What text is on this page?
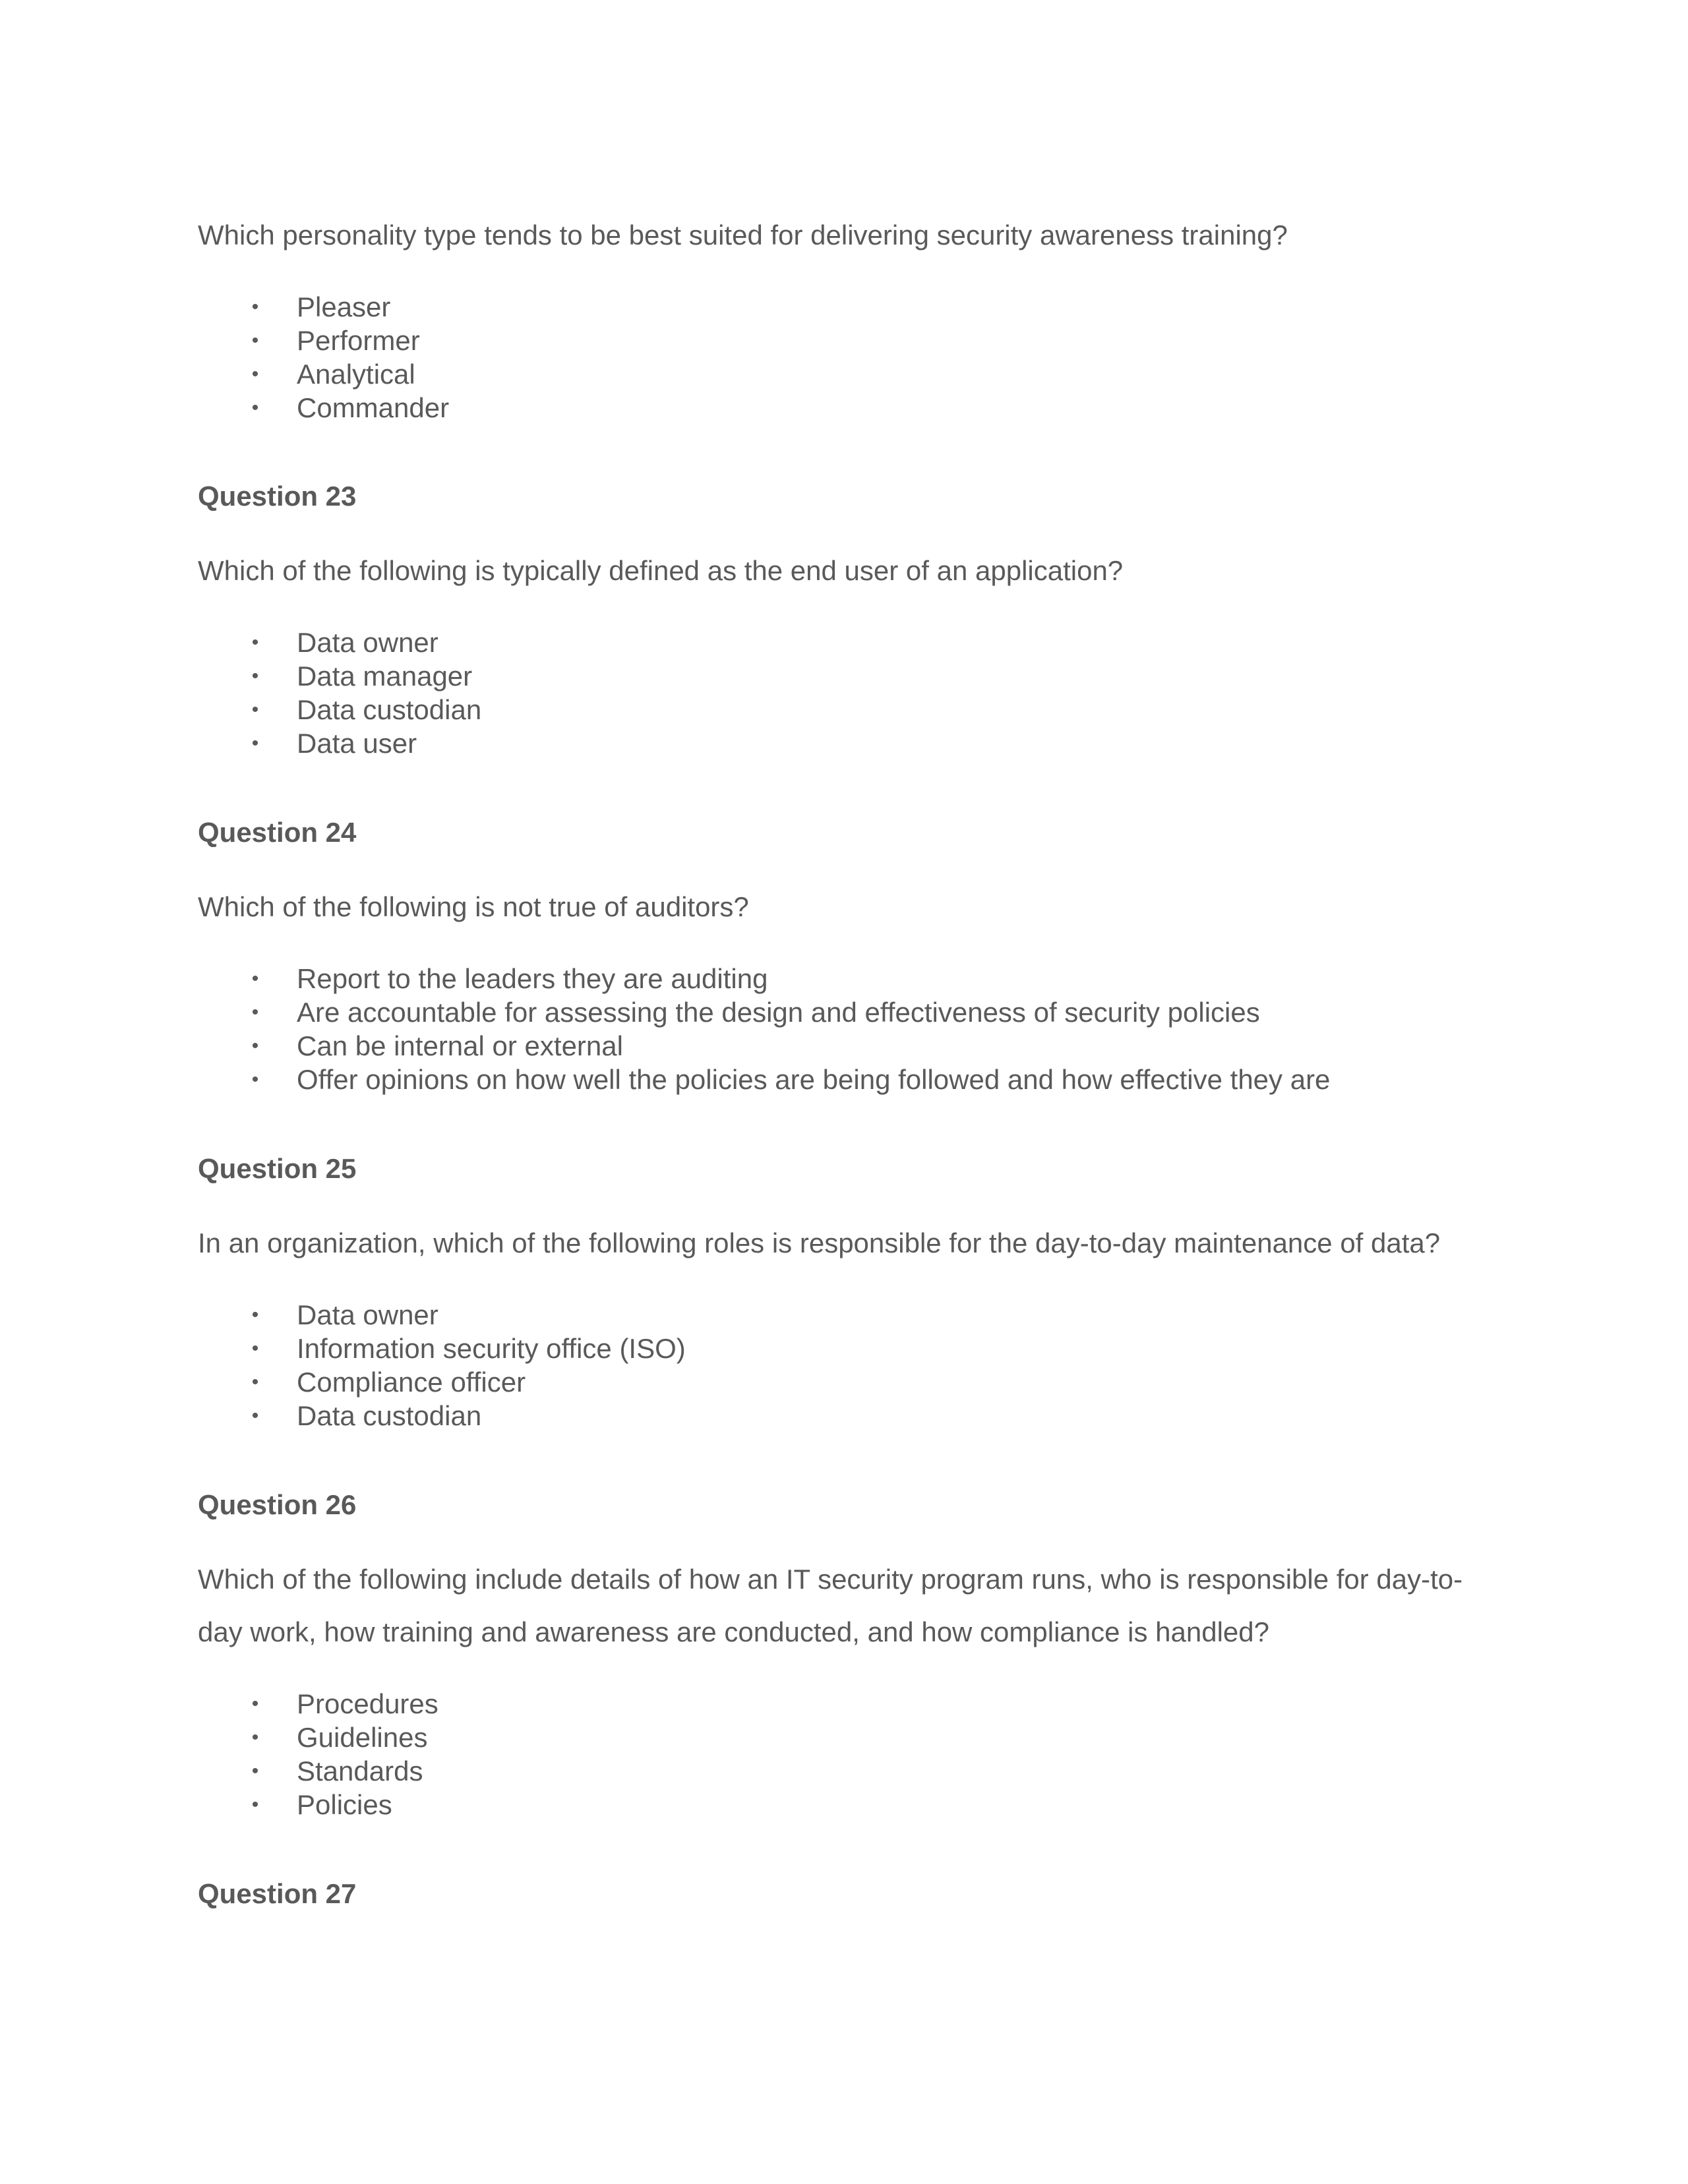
Which personality type tends to be best suited for delivering security awareness training?

• Pleaser
• Performer
• Analytical
• Commander
Question 23

Which of the following is typically defined as the end user of an application?

• Data owner
• Data manager
• Data custodian
• Data user
Question 24

Which of the following is not true of auditors?

• Report to the leaders they are auditing
• Are accountable for assessing the design and effectiveness of security policies
• Can be internal or external
• Offer opinions on how well the policies are being followed and how effective they are
Question 25

In an organization, which of the following roles is responsible for the day-to-day maintenance of data?

• Data owner
• Information security office (ISO)
• Compliance officer
• Data custodian
Question 26

Which of the following include details of how an IT security program runs, who is responsible for day-to-

day work, how training and awareness are conducted, and how compliance is handled?

• Procedures
• Guidelines
• Standards
• Policies
Question 27
